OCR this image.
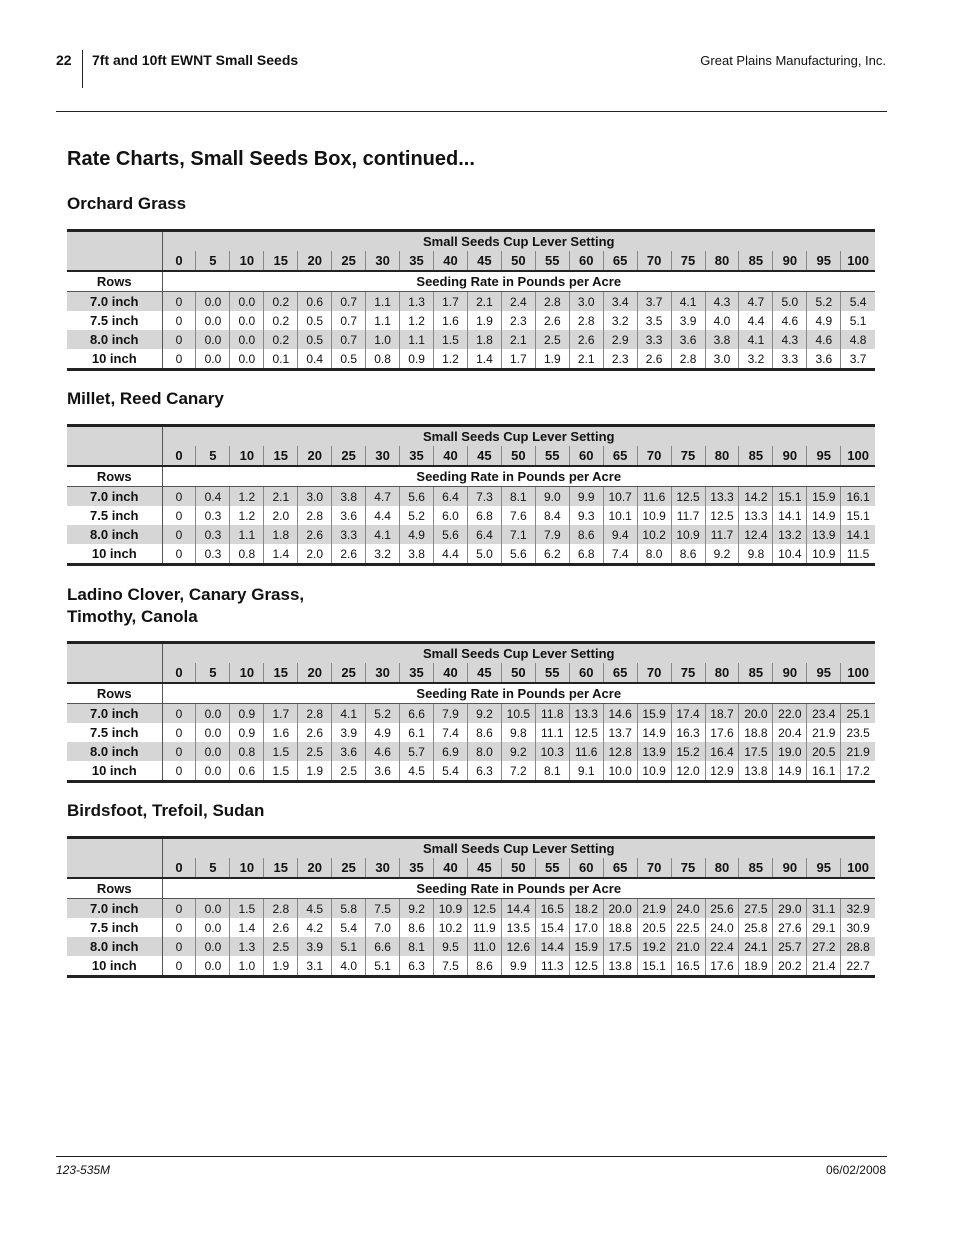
22 7ft and 10ft EWNT Small Seeds	Great Plains Manufacturing, Inc.
Rate Charts, Small Seeds Box, continued...
Orchard Grass
	Small Seeds Cup Lever Setting																				
	0	5	10	15	20	25	30	35	40	45	50	55	60	65	70	75	80	85	90	95	100
Rows	Seeding Rate in Pounds per Acre																				
7.0 inch	0	0.0	0.0	0.2	0.6	0.7	1.1	1.3	1.7	2.1	2.4	2.8	3.0	3.4	3.7	4.1	4.3	4.7	5.0	5.2	5.4
7.5 inch	0	0.0	0.0	0.2	0.5	0.7	1.1	1.2	1.6	1.9	2.3	2.6	2.8	3.2	3.5	3.9	4.0	4.4	4.6	4.9	5.1
8.0 inch	0	0.0	0.0	0.2	0.5	0.7	1.0	1.1	1.5	1.8	2.1	2.5	2.6	2.9	3.3	3.6	3.8	4.1	4.3	4.6	4.8
10 inch	0	0.0	0.0	0.1	0.4	0.5	0.8	0.9	1.2	1.4	1.7	1.9	2.1	2.3	2.6	2.8	3.0	3.2	3.3	3.6	3.7
Millet, Reed Canary
	Small Seeds Cup Lever Setting																				
	0	5	10	15	20	25	30	35	40	45	50	55	60	65	70	75	80	85	90	95	100
Rows	Seeding Rate in Pounds per Acre																				
7.0 inch	0	0.4	1.2	2.1	3.0	3.8	4.7	5.6	6.4	7.3	8.1	9.0	9.9	10.7	11.6	12.5	13.3	14.2	15.1	15.9	16.1
7.5 inch	0	0.3	1.2	2.0	2.8	3.6	4.4	5.2	6.0	6.8	7.6	8.4	9.3	10.1	10.9	11.7	12.5	13.3	14.1	14.9	15.1
8.0 inch	0	0.3	1.1	1.8	2.6	3.3	4.1	4.9	5.6	6.4	7.1	7.9	8.6	9.4	10.2	10.9	11.7	12.4	13.2	13.9	14.1
10 inch	0	0.3	0.8	1.4	2.0	2.6	3.2	3.8	4.4	5.0	5.6	6.2	6.8	7.4	8.0	8.6	9.2	9.8	10.4	10.9	11.5
Ladino Clover, Canary Grass,
Timothy, Canola
	Small Seeds Cup Lever Setting																				
	0	5	10	15	20	25	30	35	40	45	50	55	60	65	70	75	80	85	90	95	100
Rows	Seeding Rate in Pounds per Acre																				
7.0 inch	0	0.0	0.9	1.7	2.8	4.1	5.2	6.6	7.9	9.2	10.5	11.8	13.3	14.6	15.9	17.4	18.7	20.0	22.0	23.4	25.1
7.5 inch	0	0.0	0.9	1.6	2.6	3.9	4.9	6.1	7.4	8.6	9.8	11.1	12.5	13.7	14.9	16.3	17.6	18.8	20.4	21.9	23.5
8.0 inch	0	0.0	0.8	1.5	2.5	3.6	4.6	5.7	6.9	8.0	9.2	10.3	11.6	12.8	13.9	15.2	16.4	17.5	19.0	20.5	21.9
10 inch	0	0.0	0.6	1.5	1.9	2.5	3.6	4.5	5.4	6.3	7.2	8.1	9.1	10.0	10.9	12.0	12.9	13.8	14.9	16.1	17.2
Birdsfoot, Trefoil, Sudan
	Small Seeds Cup Lever Setting																				
	0	5	10	15	20	25	30	35	40	45	50	55	60	65	70	75	80	85	90	95	100
Rows	Seeding Rate in Pounds per Acre																				
7.0 inch	0	0.0	1.5	2.8	4.5	5.8	7.5	9.2	10.9	12.5	14.4	16.5	18.2	20.0	21.9	24.0	25.6	27.5	29.0	31.1	32.9
7.5 inch	0	0.0	1.4	2.6	4.2	5.4	7.0	8.6	10.2	11.9	13.5	15.4	17.0	18.8	20.5	22.5	24.0	25.8	27.6	29.1	30.9
8.0 inch	0	0.0	1.3	2.5	3.9	5.1	6.6	8.1	9.5	11.0	12.6	14.4	15.9	17.5	19.2	21.0	22.4	24.1	25.7	27.2	28.8
10 inch	0	0.0	1.0	1.9	3.1	4.0	5.1	6.3	7.5	8.6	9.9	11.3	12.5	13.8	15.1	16.5	17.6	18.9	20.2	21.4	22.7
123-535M	06/02/2008
